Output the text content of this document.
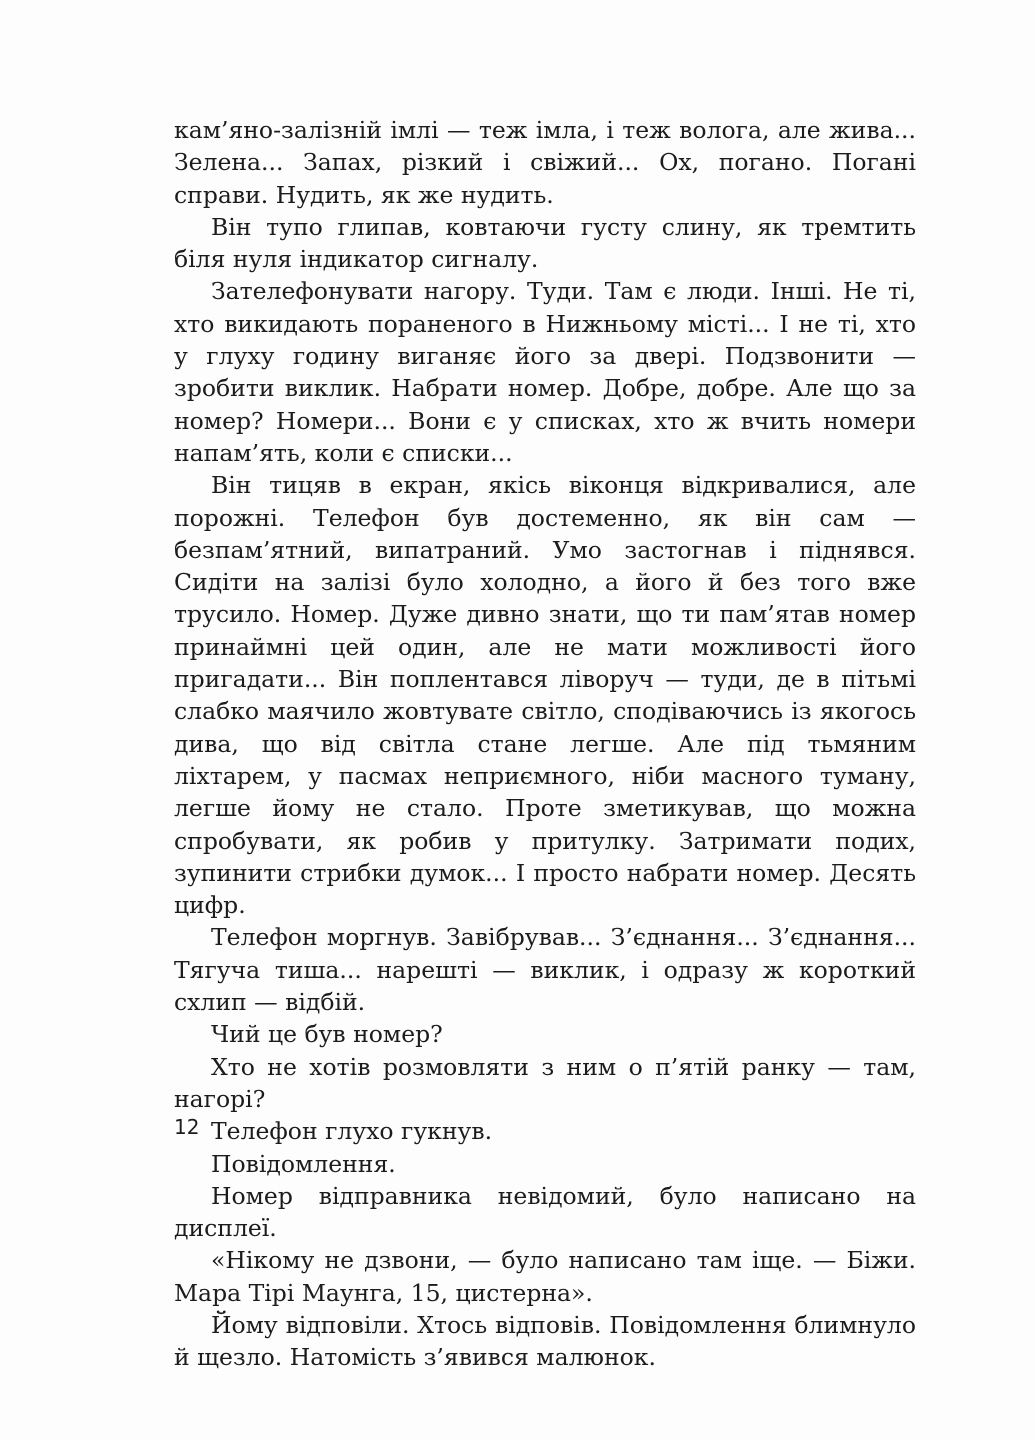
кам’яно-залізній імлі — теж імла, і теж волога, але жива... Зелена... Запах, різкий і свіжий... Ох, погано. Погані справи. Нудить, як же нудить.

Він тупо глипав, ковтаючи густу слину, як тремтить біля нуля індикатор сигналу.

Зателефонувати нагору. Туди. Там є люди. Інші. Не ті, хто викидають пораненого в Нижньому місті... І не ті, хто у глуху годину виганяє його за двері. Подзвонити — зробити виклик. Набрати номер. Добре, добре. Але що за номер? Номери... Вони є у списках, хто ж вчить номери напам’ять, коли є списки...

Він тицяв в екран, якісь віконця відкривалися, але порожні. Телефон був достеменно, як він сам — безпам’ятний, випатраний. Умо застогнав і піднявся. Сидіти на залізі було холодно, а його й без того вже трусило. Номер. Дуже дивно знати, що ти пам’ятав номер принаймні цей один, але не мати можливості його пригадати... Він поплентався ліворуч — туди, де в пітьмі слабко маячило жовтувате світло, сподіваючись із якогось дива, що від світла стане легше. Але під тьмяним ліхтарем, у пасмах неприємного, ніби масного туману, легше йому не стало. Проте зметикував, що можна спробувати, як робив у притулку. Затримати подих, зупинити стрибки думок... І просто набрати номер. Десять цифр.

Телефон моргнув. Завібрував... З’єднання... З’єднання... Тягуча тиша... нарешті — виклик, і одразу ж короткий схлип — відбій.

Чий це був номер?

Хто не хотів розмовляти з ним о п’ятій ранку — там, нагорі?

Телефон глухо гукнув.

Повідомлення.

Номер відправника невідомий, було написано на дисплеї.

«Нікому не дзвони, — було написано там іще. — Біжи. Мара Тірі Маунга, 15, цистерна».

Йому відповіли. Хтось відповів. Повідомлення блимнуло й щезло. Натомість з’явився малюнок.

12
